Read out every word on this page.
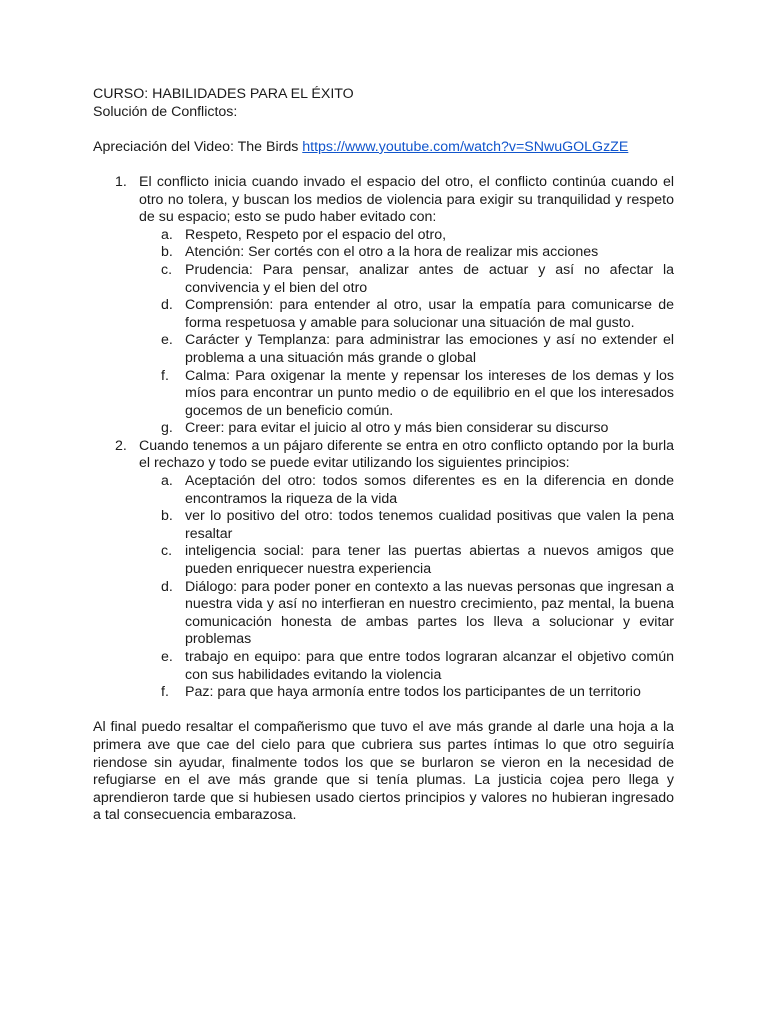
CURSO: HABILIDADES PARA EL ÉXITO

Solución de Conflictos:

Apreciación del Video: The Birds https://www.youtube.com/watch?v=SNwuGOLGzZE

1. El conflicto inicia cuando invado el espacio del otro, el conflicto continúa cuando el otro no tolera, y buscan los medios de violencia para exigir su tranquilidad y respeto de su espacio; esto se pudo haber evitado con:
a. Respeto, Respeto por el espacio del otro,
b. Atención: Ser cortés con el otro a la hora de realizar mis acciones
c. Prudencia: Para pensar, analizar antes de actuar y así no afectar la convivencia y el bien del otro
d. Comprensión: para entender al otro, usar la empatía para comunicarse de forma respetuosa y amable para solucionar una situación de mal gusto.
e. Carácter y Templanza: para administrar las emociones y así no extender el problema a una situación más grande o global
f. Calma: Para oxigenar la mente y repensar los intereses de los demas y los míos para encontrar un punto medio o de equilibrio en el que los interesados gocemos de un beneficio común.
g. Creer: para evitar el juicio al otro y más bien considerar su discurso
2. Cuando tenemos a un pájaro diferente se entra en otro conflicto optando por la burla el rechazo y todo se puede evitar utilizando los siguientes principios:
a. Aceptación del otro: todos somos diferentes es en la diferencia en donde encontramos la riqueza de la vida
b. ver lo positivo del otro: todos tenemos cualidad positivas que valen la pena resaltar
c. inteligencia social: para tener las puertas abiertas a nuevos amigos que pueden enriquecer nuestra experiencia
d. Diálogo: para poder poner en contexto a las nuevas personas que ingresan a nuestra vida y así no interfieran en nuestro crecimiento, paz mental, la buena comunicación honesta de ambas partes los lleva a solucionar y evitar problemas
e. trabajo en equipo: para que entre todos lograran alcanzar el objetivo común con sus habilidades evitando la violencia
f. Paz: para que haya armonía entre todos los participantes de un territorio

Al final puedo resaltar el compañerismo que tuvo el ave más grande al darle una hoja a la primera ave que cae del cielo para que cubriera sus partes íntimas lo que otro seguiría riendose sin ayudar, finalmente todos los que se burlaron se vieron en la necesidad de refugiarse en el ave más grande que si tenía plumas. La justicia cojea pero llega y aprendieron tarde que si hubiesen usado ciertos principios y valores no hubieran ingresado a tal consecuencia embarazosa.
